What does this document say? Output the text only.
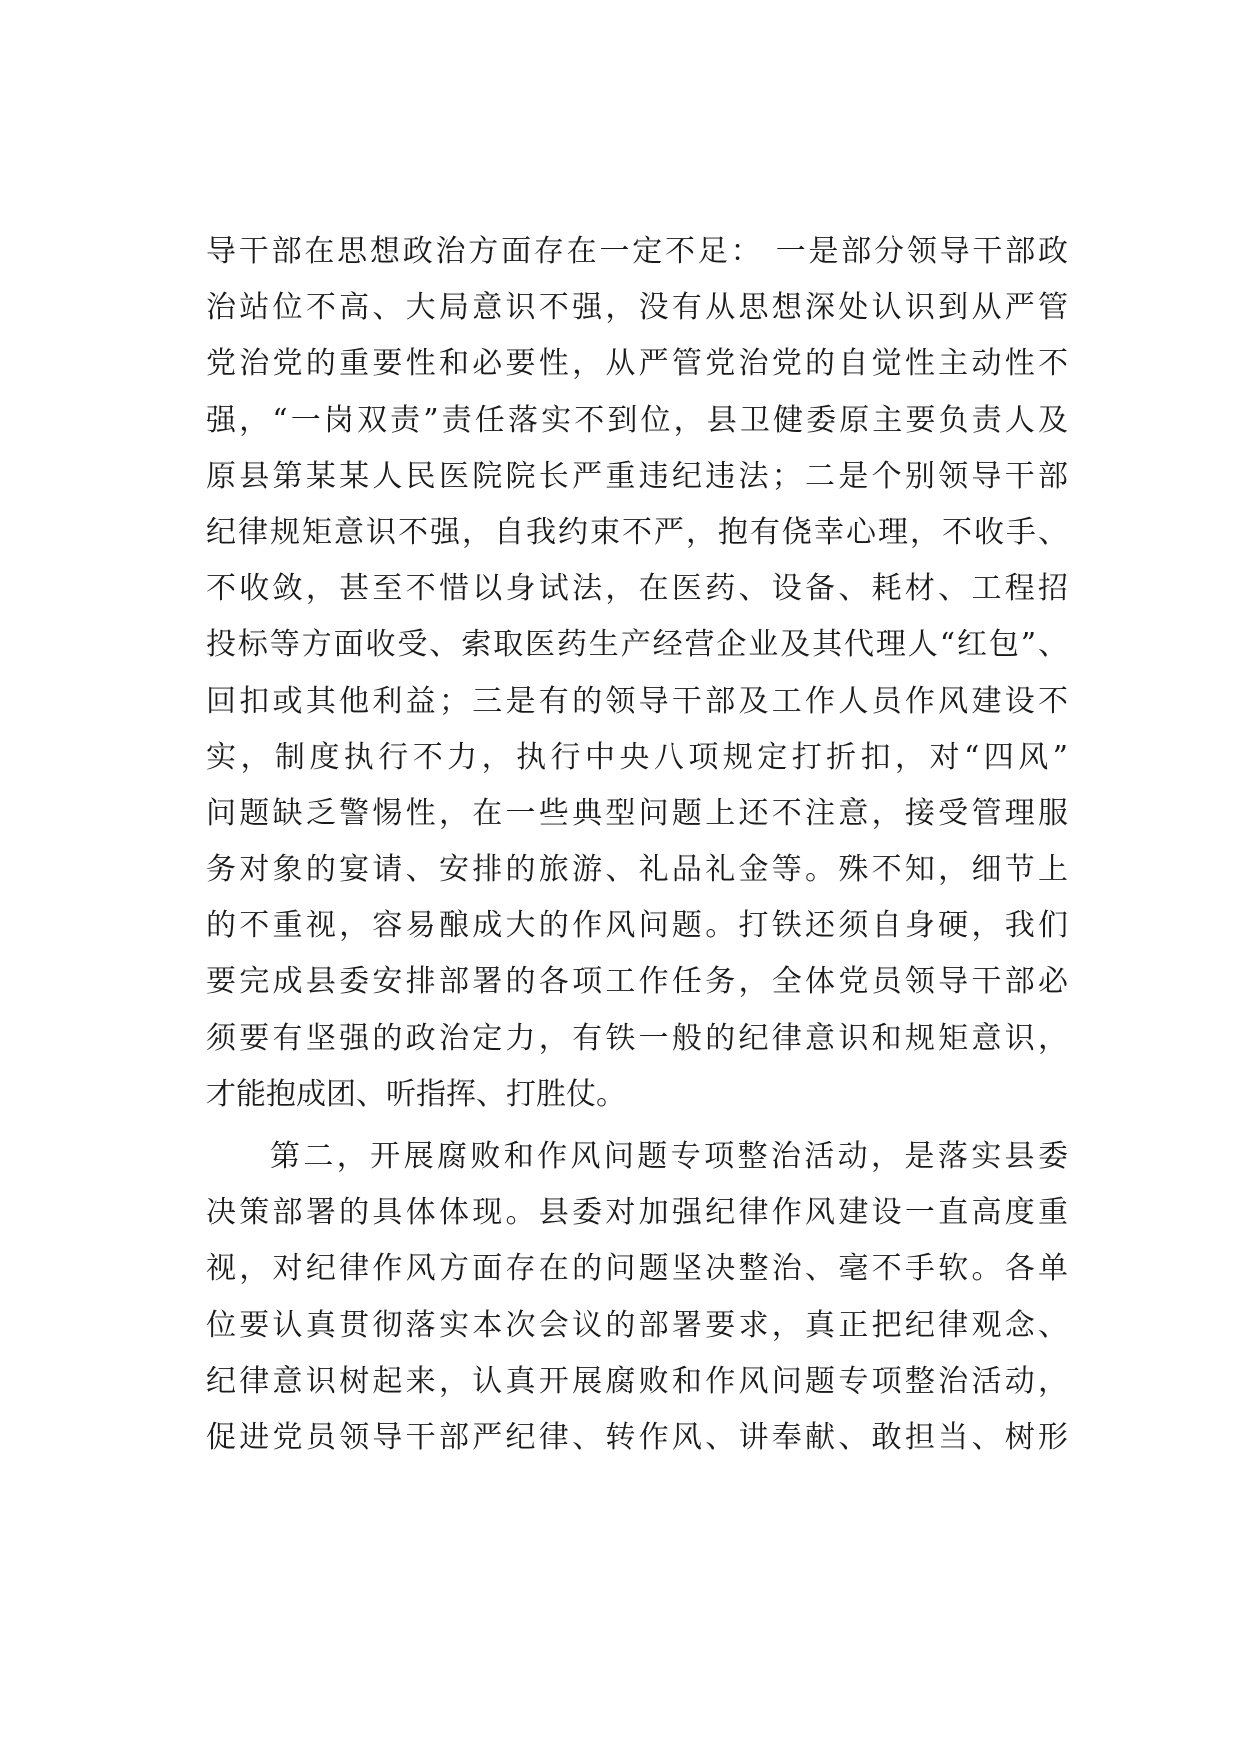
导干部在思想政治方面存在一定不足： 一是部分领导干部政
治站位不高、大局意识不强，没有从思想深处认识到从严管
党治党的重要性和必要性，从严管党治党的自觉性主动性不
强，“一岗双责”责任落实不到位，县卫健委原主要负责人及
原县第某某人民医院院长严重违纪违法；二是个别领导干部
纪律规矩意识不强，自我约束不严，抱有侥幸心理，不收手、
不收敛，甚至不惜以身试法，在医药、设备、耗材、工程招
投标等方面收受、索取医药生产经营企业及其代理人“红包”、
回扣或其他利益；三是有的领导干部及工作人员作风建设不
实，制度执行不力，执行中央八项规定打折扣，对“四风”
问题缺乏警惕性，在一些典型问题上还不注意，接受管理服
务对象的宴请、安排的旅游、礼品礼金等。殊不知，细节上
的不重视，容易酿成大的作风问题。打铁还须自身硬，我们
要完成县委安排部署的各项工作任务，全体党员领导干部必
须要有坚强的政治定力，有铁一般的纪律意识和规矩意识，
才能抱成团、听指挥、打胜仗。
第二，开展腐败和作风问题专项整治活动，是落实县委
决策部署的具体体现。县委对加强纪律作风建设一直高度重
视，对纪律作风方面存在的问题坚决整治、毫不手软。各单
位要认真贯彻落实本次会议的部署要求，真正把纪律观念、
纪律意识树起来，认真开展腐败和作风问题专项整治活动，
促进党员领导干部严纪律、转作风、讲奉献、敢担当、树形
